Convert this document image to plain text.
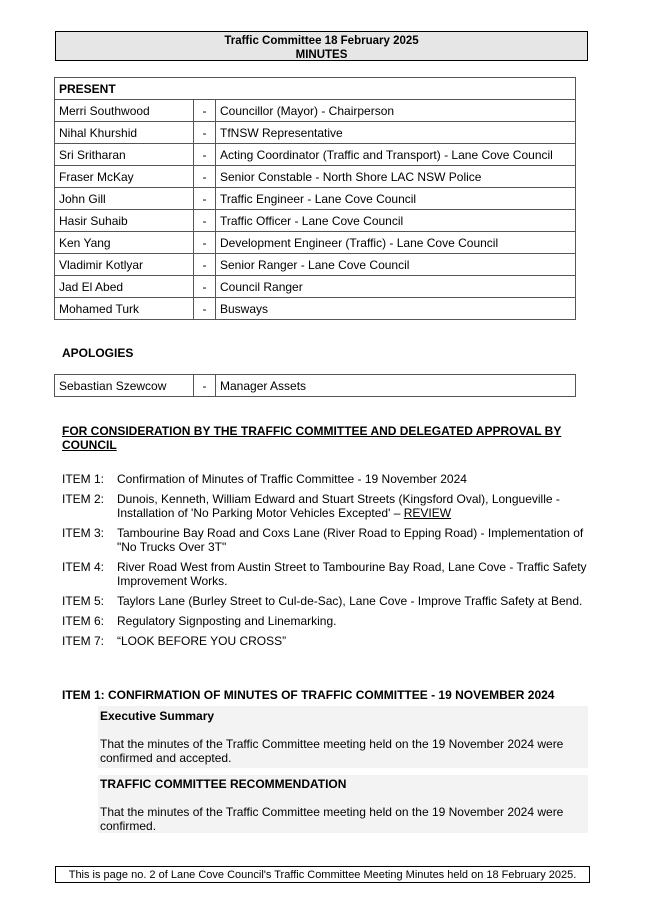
Traffic Committee 18 February 2025
MINUTES
PRESENT		
Merri Southwood	-	Councillor (Mayor) - Chairperson
Nihal Khurshid	-	TfNSW Representative
Sri Sritharan	-	Acting Coordinator (Traffic and Transport) - Lane Cove Council
Fraser McKay	-	Senior Constable - North Shore LAC NSW Police
John Gill	-	Traffic Engineer - Lane Cove Council
Hasir Suhaib	-	Traffic Officer - Lane Cove Council
Ken Yang	-	Development Engineer (Traffic) - Lane Cove Council
Vladimir Kotlyar	-	Senior Ranger - Lane Cove Council
Jad El Abed	-	Council Ranger
Mohamed Turk	-	Busways
APOLOGIES
Sebastian Szewcow	-	Manager Assets
FOR CONSIDERATION BY THE TRAFFIC COMMITTEE AND DELEGATED APPROVAL BY
COUNCIL
ITEM 1:	Confirmation of Minutes of Traffic Committee - 19 November 2024
ITEM 2:	Dunois, Kenneth, William Edward and Stuart Streets (Kingsford Oval), Longueville - Installation of 'No Parking Motor Vehicles Excepted' – REVIEW
ITEM 3:	Tambourine Bay Road and Coxs Lane (River Road to Epping Road) - Implementation of "No Trucks Over 3T"
ITEM 4:	River Road West from Austin Street to Tambourine Bay Road, Lane Cove - Traffic Safety Improvement Works.
ITEM 5:	Taylors Lane (Burley Street to Cul-de-Sac), Lane Cove - Improve Traffic Safety at Bend.
ITEM 6:	Regulatory Signposting and Linemarking.
ITEM 7:	“LOOK BEFORE YOU CROSS”
ITEM 1: CONFIRMATION OF MINUTES OF TRAFFIC COMMITTEE - 19 NOVEMBER 2024
Executive Summary
That the minutes of the Traffic Committee meeting held on the 19 November 2024 were confirmed and accepted.
TRAFFIC COMMITTEE RECOMMENDATION
That the minutes of the Traffic Committee meeting held on the 19 November 2024 were confirmed.
This is page no. 2 of Lane Cove Council's Traffic Committee Meeting Minutes held on 18 February 2025.
